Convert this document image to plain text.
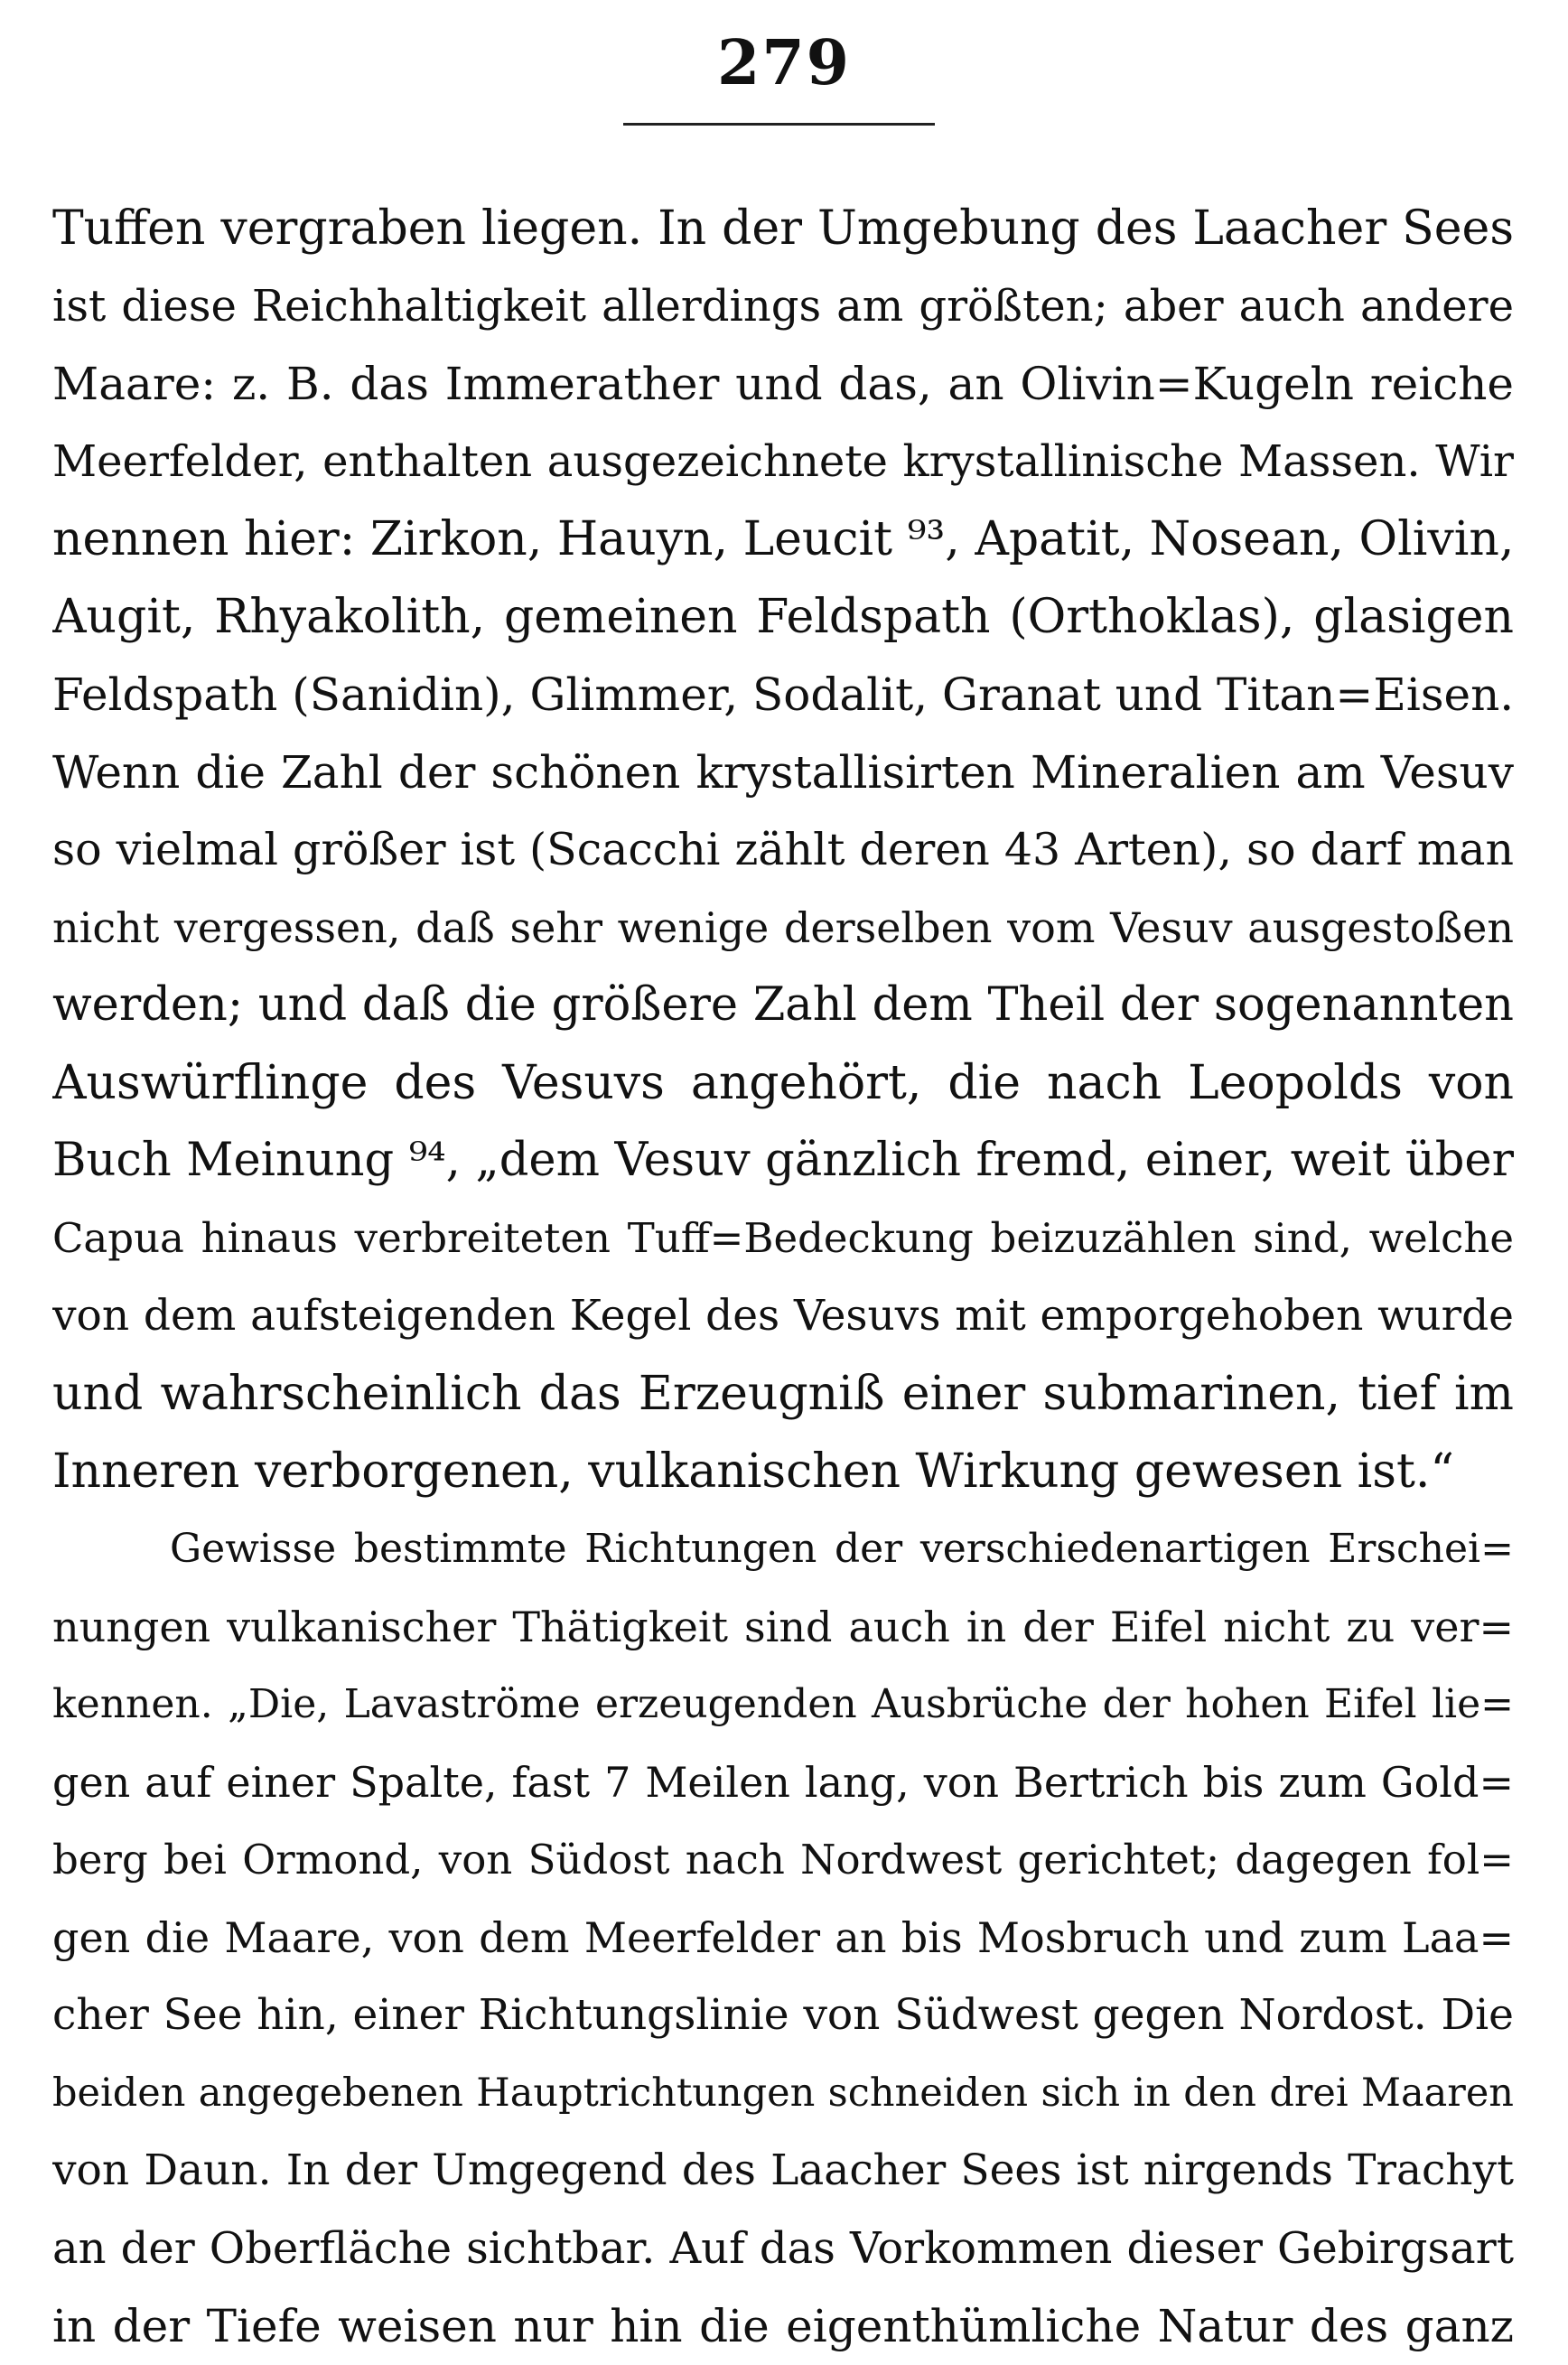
279
Tuffen vergraben liegen. In der Umgebung des Laacher Sees
ist diese Reichhaltigkeit allerdings am größten; aber auch andere
Maare: z. B. das Immerather und das, an Olivin=Kugeln reiche
Meerfelder, enthalten ausgezeichnete krystallinische Massen. Wir
nennen hier: Zirkon, Hauyn, Leucit ⁹³, Apatit, Nosean, Olivin,
Augit, Rhyakolith, gemeinen Feldspath (Orthoklas), glasigen
Feldspath (Sanidin), Glimmer, Sodalit, Granat und Titan=Eisen.
Wenn die Zahl der schönen krystallisirten Mineralien am Vesuv
so vielmal größer ist (Scacchi zählt deren 43 Arten), so darf man
nicht vergessen, daß sehr wenige derselben vom Vesuv ausgestoßen
werden; und daß die größere Zahl dem Theil der sogenannten
Auswürflinge des Vesuvs angehört, die nach Leopolds von
Buch Meinung ⁹⁴, „dem Vesuv gänzlich fremd, einer, weit über
Capua hinaus verbreiteten Tuff=Bedeckung beizuzählen sind, welche
von dem aufsteigenden Kegel des Vesuvs mit emporgehoben wurde
und wahrscheinlich das Erzeugniß einer submarinen, tief im
Inneren verborgenen, vulkanischen Wirkung gewesen ist.“
Gewisse bestimmte Richtungen der verschiedenartigen Erschei=
nungen vulkanischer Thätigkeit sind auch in der Eifel nicht zu ver=
kennen. „Die, Lavaströme erzeugenden Ausbrüche der hohen Eifel lie=
gen auf einer Spalte, fast 7 Meilen lang, von Bertrich bis zum Gold=
berg bei Ormond, von Südost nach Nordwest gerichtet; dagegen fol=
gen die Maare, von dem Meerfelder an bis Mosbruch und zum Laa=
cher See hin, einer Richtungslinie von Südwest gegen Nordost. Die
beiden angegebenen Hauptrichtungen schneiden sich in den drei Maaren
von Daun. In der Umgegend des Laacher Sees ist nirgends Trachyt
an der Oberfläche sichtbar. Auf das Vorkommen dieser Gebirgsart
in der Tiefe weisen nur hin die eigenthümliche Natur des ganz
